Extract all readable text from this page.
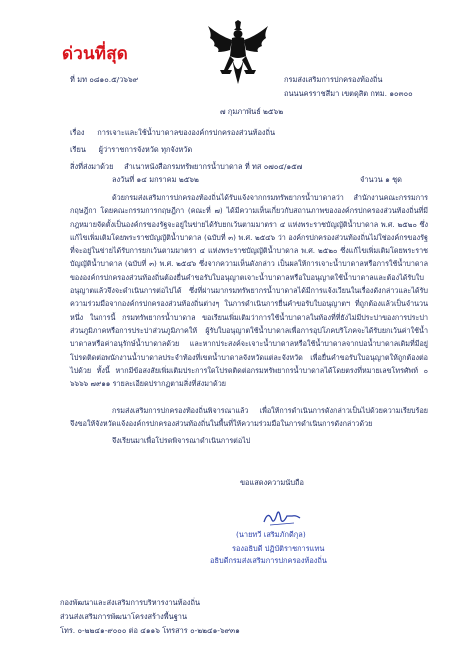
ด่วนที่สุด
ที่ มท ๐๘๑๐.๕/ว๖๖๙	กรมส่งเสริมการปกครองท้องถิ่น
ถนนนครราชสีมา เขตดุสิต กทม. ๑๐๓๐๐
๗ กุมภาพันธ์ ๒๕๖๒
เรื่อง การเจาะและใช้น้ำบาดาลขององค์กรปกครองส่วนท้องถิ่น
เรียน ผู้ว่าราชการจังหวัด ทุกจังหวัด
สิ่งที่ส่งมาด้วย สำเนาหนังสือกรมทรัพยากรน้ำบาดาล ที่ ทส ๐๗๐๔/๑๕๗
ลงวันที่ ๑๔ มกราคม ๒๕๖๒	จำนวน ๑ ชุด
ด้วยกรมส่งเสริมการปกครองท้องถิ่นได้รับแจ้งจากกรมทรัพยากรน้ำบาดาลว่า สำนักงานคณะกรรมการกฤษฎีกา โดยคณะกรรมการกฤษฎีกา (คณะที่ ๗) ได้มีความเห็นเกี่ยวกับสถานภาพขององค์กรปกครองส่วนท้องถิ่นที่มีกฎหมายจัดตั้งเป็นองค์กรของรัฐจะอยู่ในข่ายได้รับยกเว้นตามมาตรา ๔ แห่งพระราชบัญญัติน้ำบาดาล พ.ศ. ๒๕๒๐ ซึ่งแก้ไขเพิ่มเติมโดยพระราชบัญญัติน้ำบาดาล (ฉบับที่ ๓) พ.ศ. ๒๕๔๖ ว่า องค์กรปกครองส่วนท้องถิ่นไม่ใช่องค์กรของรัฐที่จะอยู่ในข่ายได้รับการยกเว้นตามมาตรา ๔ แห่งพระราชบัญญัติน้ำบาดาล พ.ศ. ๒๕๒๐ ซึ่งแก้ไขเพิ่มเติมโดยพระราชบัญญัติน้ำบาดาล (ฉบับที่ ๓) พ.ศ. ๒๕๔๖ ซึ่งจากความเห็นดังกล่าว เป็นผลให้การเจาะน้ำบาดาลหรือการใช้น้ำบาดาลขององค์กรปกครองส่วนท้องถิ่นต้องยื่นคำขอรับใบอนุญาตเจาะน้ำบาดาลหรือใบอนุญาตใช้น้ำบาดาลและต้องได้รับใบอนุญาตแล้วจึงจะดำเนินการต่อไปได้ ซึ่งที่ผ่านมากรมทรัพยากรน้ำบาดาลได้มีการแจ้งเวียนในเรื่องดังกล่าวและได้รับความร่วมมือจากองค์กรปกครองส่วนท้องถิ่นต่างๆ ในการดำเนินการยื่นคำขอรับใบอนุญาตฯ ที่ถูกต้องแล้วเป็นจำนวนหนึ่ง ในการนี้ กรมทรัพยากรน้ำบาดาล ขอเรียนเพิ่มเติมว่าการใช้น้ำบาดาลในท้องที่ที่ยังไม่มีประปาของการประปาส่วนภูมิภาคหรือการประปาส่วนภูมิภาคให้ ผู้รับใบอนุญาตใช้น้ำบาดาลเพื่อการอุปโภคบริโภคจะได้รับยกเว้นค่าใช้น้ำบาดาลหรือค่าอนุรักษ์น้ำบาดาลด้วย และหากประสงค์จะเจาะน้ำบาดาลหรือใช้น้ำบาดาลจากบ่อน้ำบาดาลเดิมที่มีอยู่ โปรดติดต่อพนักงานน้ำบาดาลประจำท้องที่เขตน้ำบาดาลจังหวัดแต่ละจังหวัด เพื่อยื่นคำขอรับใบอนุญาตให้ถูกต้องต่อไปด้วย ทั้งนี้ หากมีข้อสงสัยเพิ่มเติมประการใดโปรดติดต่อกรมทรัพยากรน้ำบาดาลได้โดยตรงที่หมายเลขโทรศัพท์ ๐ ๖๖๖๖ ๗๙๑๑ รายละเอียดปรากฏตามสิ่งที่ส่งมาด้วย
กรมส่งเสริมการปกครองท้องถิ่นพิจารณาแล้ว เพื่อให้การดำเนินการดังกล่าวเป็นไปด้วยความเรียบร้อย จึงขอให้จังหวัดแจ้งองค์กรปกครองส่วนท้องถิ่นในพื้นที่ให้ความร่วมมือในการดำเนินการดังกล่าวด้วย
จึงเรียนมาเพื่อโปรดพิจารณาดำเนินการต่อไป
ขอแสดงความนับถือ
(นายทวี เสริมภักดีกุล)
รองอธิบดี ปฏิบัติราชการแทน
อธิบดีกรมส่งเสริมการปกครองท้องถิ่น
กองพัฒนาและส่งเสริมการบริหารงานท้องถิ่น
ส่วนส่งเสริมการพัฒนาโครงสร้างพื้นฐาน
โทร. ๐-๒๒๔๑-๙๐๐๐ ต่อ ๔๑๑๖ โทรสาร ๐-๒๒๔๑-๖๙๓๑
